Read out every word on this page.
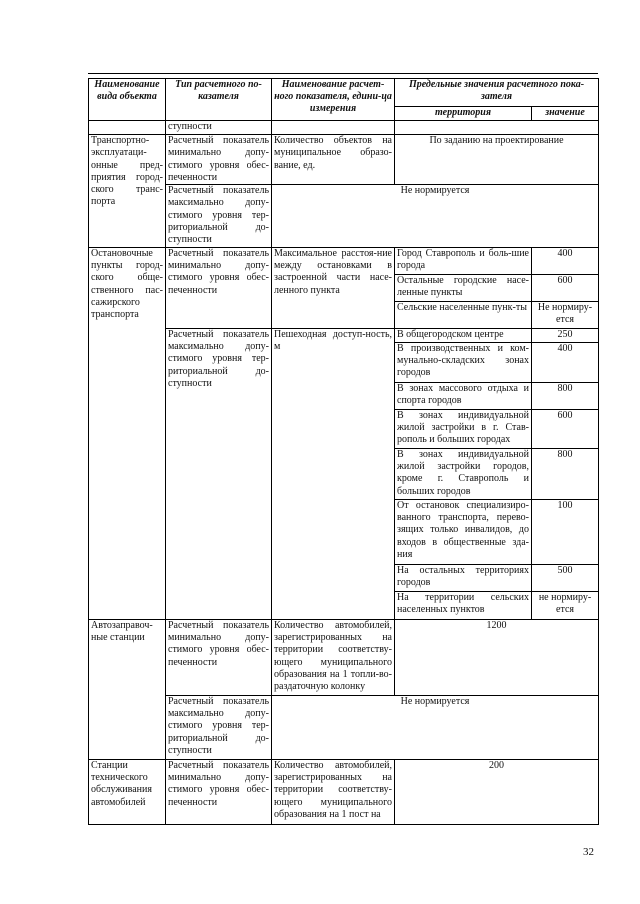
Наименование вида объекта	Тип расчетного по-казателя	Наименование расчет-ного показателя, едини-ца измерения	Предельные значения расчетного пока-зателя	
			территория	значение
	ступности			
Транспортно-эксплуатаци-онные пред-приятия город-ского транс-порта	Расчетный показатель минимально допу-стимого уровня обес-печенности	Количество объектов на муниципальное образо-вание, ед.	По заданию на проектирование	
	Расчетный показатель максимально допу-стимого уровня тер-риториальной до-ступности	Не нормируется		
Остановочные пункты город-ского обще-ственного пас-сажирского транспорта	Расчетный показатель минимально допу-стимого уровня обес-печенности	Максимальное расстоя-ние между остановками в застроенной части насе-ленного пункта	Город Ставрополь и боль-шие города	400
			Остальные городские насе-ленные пункты	600
			Сельские населенные пунк-ты	Не нормиру-ется
	Расчетный показатель максимально допу-стимого уровня тер-риториальной до-ступности	Пешеходная доступ-ность, м	В общегородском центре	250
			В производственных и ком-мунально-складских зонах городов	400
			В зонах массового отдыха и спорта городов	800
			В зонах индивидуальной жилой застройки в г. Став-рополь и больших городах	600
			В зонах индивидуальной жилой застройки городов, кроме г. Ставрополь и больших городов	800
			От остановок специализиро-ванного транспорта, перево-зящих только инвалидов, до входов в общественные зда-ния	100
			На остальных территориях городов	500
			На территории сельских населенных пунктов	не нормиру-ется
Автозаправоч-ные станции	Расчетный показатель минимально допу-стимого уровня обес-печенности	Количество автомобилей, зарегистрированных на территории соответству-ющего муниципального образования на 1 топли-во-раздаточную колонку	1200	
	Расчетный показатель максимально допу-стимого уровня тер-риториальной до-ступности	Не нормируется		
Станции технического обслуживания автомобилей	Расчетный показатель минимально допу-стимого уровня обес-печенности	Количество автомобилей, зарегистрированных на территории соответству-ющего муниципального образования на 1 пост на	200	
32
